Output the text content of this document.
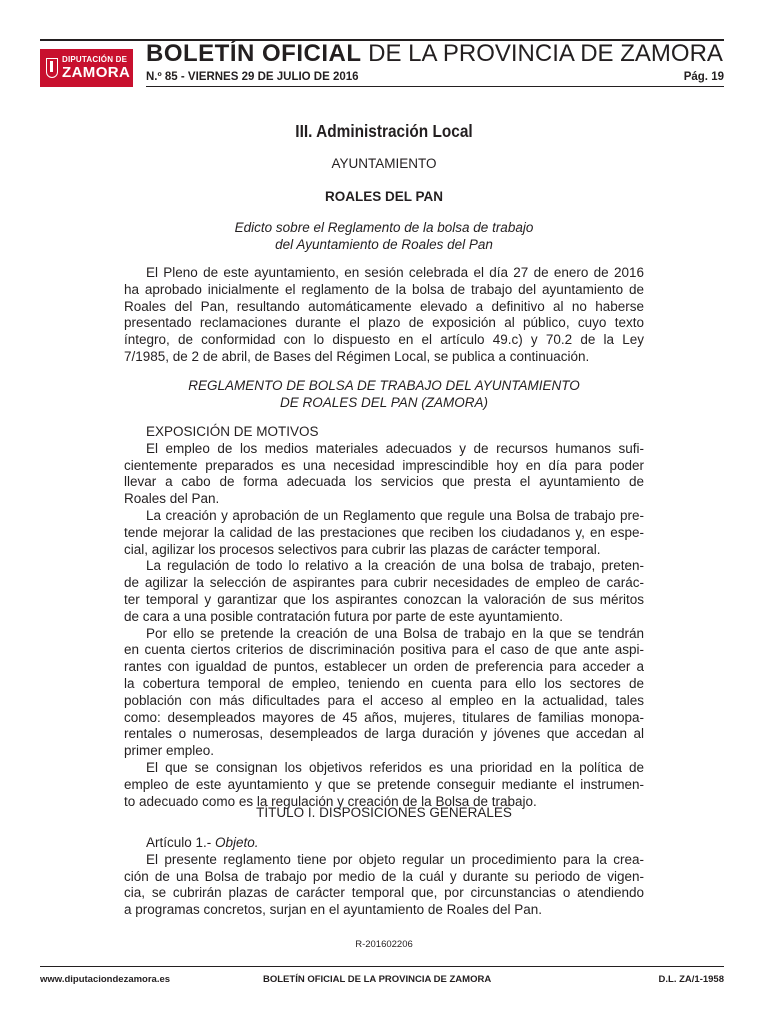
DIPUTACIÓN DE
ZAMORA
BOLETÍN OFICIAL DE LA PROVINCIA DE ZAMORA
N.º 85 - VIERNES 29 DE JULIO DE 2016	Pág. 19
III. Administración Local
AYUNTAMIENTO
ROALES DEL PAN
Edicto sobre el Reglamento de la bolsa de trabajo
del Ayuntamiento de Roales del Pan
El Pleno de este ayuntamiento, en sesión celebrada el día 27 de enero de 2016
ha aprobado inicialmente el reglamento de la bolsa de trabajo del ayuntamiento de
Roales del Pan, resultando automáticamente elevado a definitivo al no haberse
presentado reclamaciones durante el plazo de exposición al público, cuyo texto
íntegro, de conformidad con lo dispuesto en el artículo 49.c) y 70.2 de la Ley
7/1985, de 2 de abril, de Bases del Régimen Local, se publica a continuación.
REGLAMENTO DE BOLSA DE TRABAJO DEL AYUNTAMIENTO
DE ROALES DEL PAN (ZAMORA)
EXPOSICIÓN DE MOTIVOS
El empleo de los medios materiales adecuados y de recursos humanos sufi-
cientemente preparados es una necesidad imprescindible hoy en día para poder
llevar a cabo de forma adecuada los servicios que presta el ayuntamiento de
Roales del Pan.
La creación y aprobación de un Reglamento que regule una Bolsa de trabajo pre-
tende mejorar la calidad de las prestaciones que reciben los ciudadanos y, en espe-
cial, agilizar los procesos selectivos para cubrir las plazas de carácter temporal.
La regulación de todo lo relativo a la creación de una bolsa de trabajo, preten-
de agilizar la selección de aspirantes para cubrir necesidades de empleo de carác-
ter temporal y garantizar que los aspirantes conozcan la valoración de sus méritos
de cara a una posible contratación futura por parte de este ayuntamiento.
Por ello se pretende la creación de una Bolsa de trabajo en la que se tendrán
en cuenta ciertos criterios de discriminación positiva para el caso de que ante aspi-
rantes con igualdad de puntos, establecer un orden de preferencia para acceder a
la cobertura temporal de empleo, teniendo en cuenta para ello los sectores de
población con más dificultades para el acceso al empleo en la actualidad, tales
como: desempleados mayores de 45 años, mujeres, titulares de familias monopa-
rentales o numerosas, desempleados de larga duración y jóvenes que accedan al
primer empleo.
El que se consignan los objetivos referidos es una prioridad en la política de
empleo de este ayuntamiento y que se pretende conseguir mediante el instrumen-
to adecuado como es la regulación y creación de la Bolsa de trabajo.
TÍTULO I. DISPOSICIONES GENERALES
Artículo 1.- Objeto.
El presente reglamento tiene por objeto regular un procedimiento para la crea-
ción de una Bolsa de trabajo por medio de la cuál y durante su periodo de vigen-
cia, se cubrirán plazas de carácter temporal que, por circunstancias o atendiendo
a programas concretos, surjan en el ayuntamiento de Roales del Pan.
R-201602206
www.diputaciondezamora.es	BOLETÍN OFICIAL DE LA PROVINCIA DE ZAMORA	D.L. ZA/1-1958
